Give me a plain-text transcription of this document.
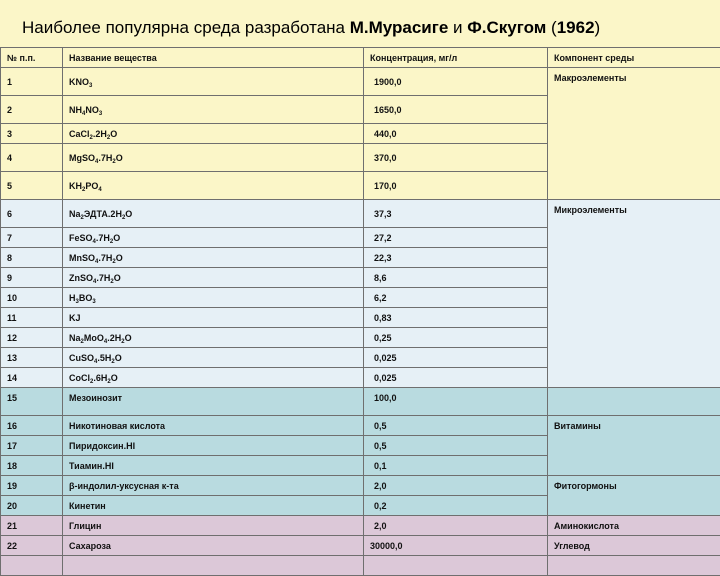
Наиболее популярна среда разработана М.Мурасиге и Ф.Скугом (1962)
№ п.п.	Название вещества	Концентрация, мг/л	Компонент среды
1	$KNO_3$	1900,0	Макроэлементы
2	$NH_4NO_3$	1650,0	
3	$CaCl_2.2H_2O$	440,0	
4	$MgSO_4.7H_2O$	370,0	
5	$KH_2PO_4$	170,0	
6	$Na_2ЭДТА.2H_2O$	37,3	Микроэлементы
7	$FeSO_4.7H_2O$	27,2	
8	$MnSO_4.7H_2O$	22,3	
9	$ZnSO_4.7H_2O$	8,6	
10	$H_3BO_3$	6,2	
11	KJ	0,83	
12	$Na_2MoO_4.2H_2O$	0,25	
13	$CuSO_4.5H_2O$	0,025	
14	$CoCl_2.6H_2O$	0,025	
15	Мезоинозит	100,0	
16	Никотиновая кислота	0,5	Витамины
17	Пиридоксин.HI	0,5	
18	Тиамин.HI	0,1	
19	β-индолил-уксусная к-та	2,0	Фитогормоны
20	Кинетин	0,2	
21	Глицин	2,0	Аминокислота
22	Сахароза	30000,0	Углевод
